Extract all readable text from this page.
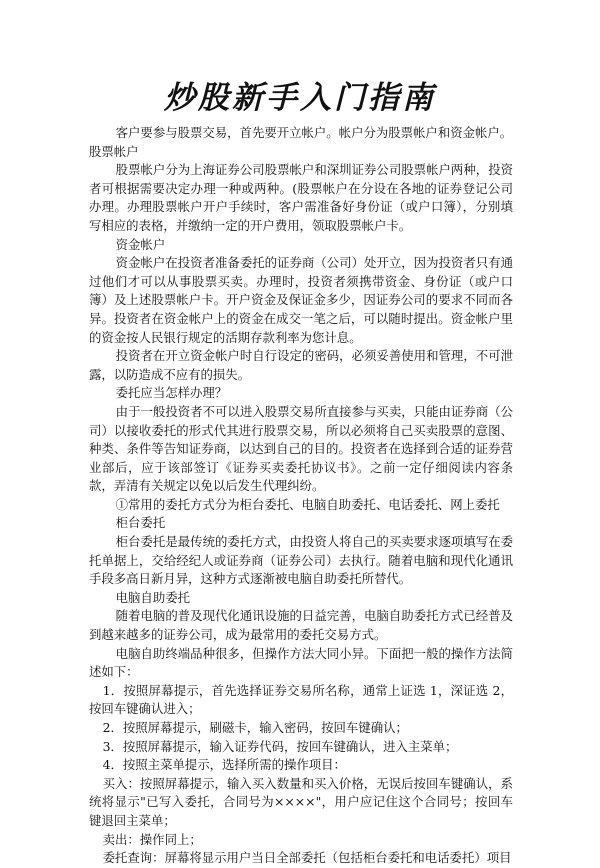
炒股新手入门指南

客户要参与股票交易，首先要开立帐户。帐户分为股票帐户和资金帐户。

股票帐户

股票帐户分为上海证券公司股票帐户和深圳证券公司股票帐户两种，投资者可根据需要决定办理一种或两种。(股票帐户在分设在各地的证券登记公司办理。办理股票帐户开户手续时，客户需准备好身份证（或户口簿），分别填写相应的表格，并缴纳一定的开户费用，领取股票帐户卡。

资金帐户

资金帐户在投资者准备委托的证券商（公司）处开立，因为投资者只有通过他们才可以从事股票买卖。办理时，投资者须携带资金、身份证（或户口簿）及上述股票帐户卡。开户资金及保证金多少，因证券公司的要求不同而各异。投资者在资金帐户上的资金在成交一笔之后，可以随时提出。资金帐户里的资金按人民银行规定的活期存款利率为您计息。

投资者在开立资金帐户时自行设定的密码，必须妥善使用和管理，不可泄露，以防造成不应有的损失。

委托应当怎样办理？

由于一般投资者不可以进入股票交易所直接参与买卖，只能由证券商（公司）以接收委托的形式代其进行股票交易，所以必须将自己买卖股票的意图、种类、条件等告知证券商，以达到自己的目的。投资者在选择到合适的证券营业部后，应于该部签订《证券买卖委托协议书》。之前一定仔细阅读内容条款，弄清有关规定以免以后发生代理纠纷。

①常用的委托方式分为柜台委托、电脑自助委托、电话委托、网上委托

柜台委托

柜台委托是最传统的委托方式，由投资人将自己的买卖要求逐项填写在委托单据上，交给经纪人或证券商（证券公司）去执行。随着电脑和现代化通讯手段多高日新月异，这种方式逐渐被电脑自助委托所替代。

电脑自助委托

随着电脑的普及现代化通讯设施的日益完善，电脑自助委托方式已经普及到越来越多的证券公司，成为最常用的委托交易方式。

电脑自助终端品种很多，但操作方法大同小异。下面把一般的操作方法简述如下：

1．按照屏幕提示，首先选择证券交易所名称，通常上证选 1，深证选 2，按回车键确认进入；

2．按照屏幕提示，刷磁卡，输入密码，按回车键确认；

3．按照屏幕提示，输入证券代码，按回车键确认，进入主菜单；

4．按照主菜单提示，选择所需的操作项目：

买入：按照屏幕提示，输入买入数量和买入价格，无误后按回车键确认，系统将显示"已写入委托，合同号为××××"，用户应记住这个合同号；按回车键退回主菜单；

卖出：操作同上；

委托查询：屏幕将显示用户当日全部委托（包括柜台委托和电话委托）项目
